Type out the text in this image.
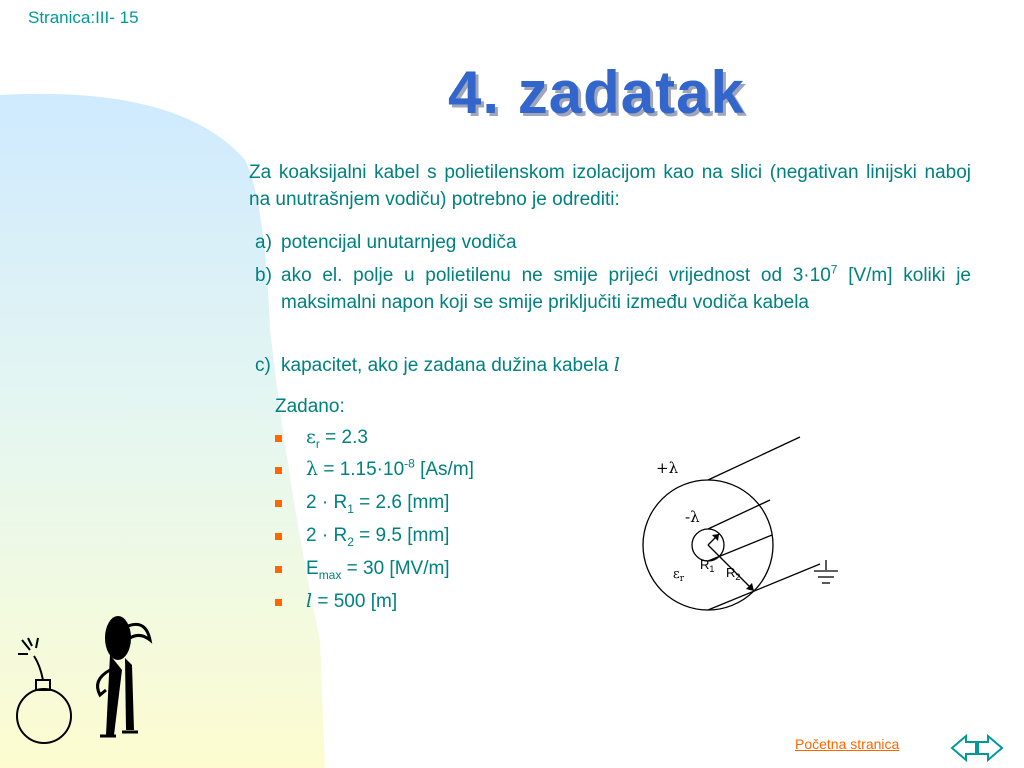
Stranica:III- 15
4. zadatak
Za koaksijalni kabel s polietilenskom izolacijom kao na slici (negativan linijski naboj na unutrašnjem vodiču) potrebno je odrediti:
a) potencijal unutarnjeg vodiča
b) ako el. polje u polietilenu ne smije prijeći vrijednost od $3\cdot 10^7$ [V/m] koliki je maksimalni napon koji se smije priključiti između vodiča kabela
c) kapacitet, ako je zadana dužina kabela l
Zadano:
$\varepsilon_r = 2.3$
$\lambda = 1.15\cdot 10^{-8}$ [As/m]
$2 \cdot R_1 = 2.6$ [mm]
$2 \cdot R_2 = 9.5$ [mm]
$E_{max} = 30$ [MV/m]
l = 500 [m]
+λ
-λ
$\varepsilon_r$
$R_1$ $R_2$
Početna stranica
